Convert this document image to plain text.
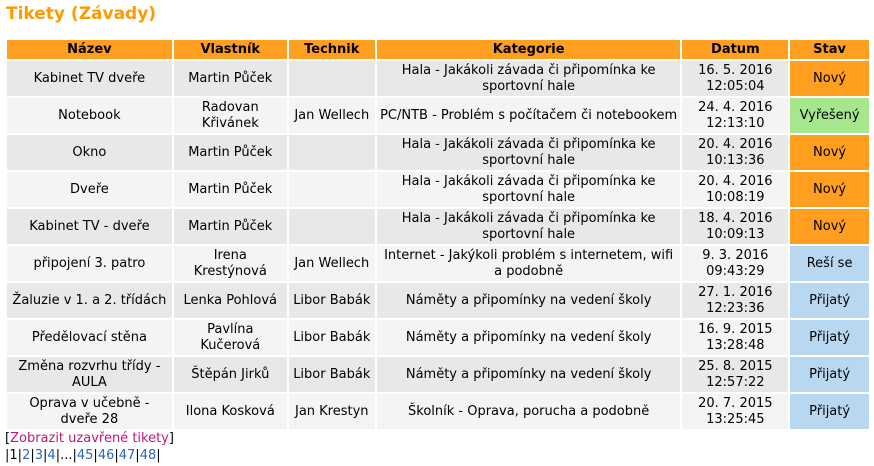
Tikety (Závady)
Název	Vlastník	Technik	Kategorie	Datum	Stav
Kabinet TV dveře	Martin Půček		Hala - Jakákoli závada či připomínka ke sportovní hale	16. 5. 2016 12:05:04	Nový
Notebook	Radovan Křivánek	Jan Wellech	PC/NTB - Problém s počítačem či notebookem	24. 4. 2016 12:13:10	Vyřešený
Okno	Martin Půček		Hala - Jakákoli závada či připomínka ke sportovní hale	20. 4. 2016 10:13:36	Nový
Dveře	Martin Půček		Hala - Jakákoli závada či připomínka ke sportovní hale	20. 4. 2016 10:08:19	Nový
Kabinet TV - dveře	Martin Půček		Hala - Jakákoli závada či připomínka ke sportovní hale	18. 4. 2016 10:09:13	Nový
připojení 3. patro	Irena Krestýnová	Jan Wellech	Internet - Jakýkoli problém s internetem, wifi a podobně	9. 3. 2016 09:43:29	Reší se
Žaluzie v 1. a 2. třídách	Lenka Pohlová	Libor Babák	Náměty a připomínky na vedení školy	27. 1. 2016 12:23:36	Přijatý
Předělovací stěna	Pavlína Kučerová	Libor Babák	Náměty a připomínky na vedení školy	16. 9. 2015 13:28:48	Přijatý
Změna rozvrhu třídy - AULA	Štěpán Jirků	Libor Babák	Náměty a připomínky na vedení školy	25. 8. 2015 12:57:22	Přijatý
Oprava v učebně - dveře 28	Ilona Kosková	Jan Krestyn	Školník - Oprava, porucha a podobně	20. 7. 2015 13:25:45	Přijatý
[Zobrazit uzavřené tikety]
|1|2|3|4|...|45|46|47|48|
